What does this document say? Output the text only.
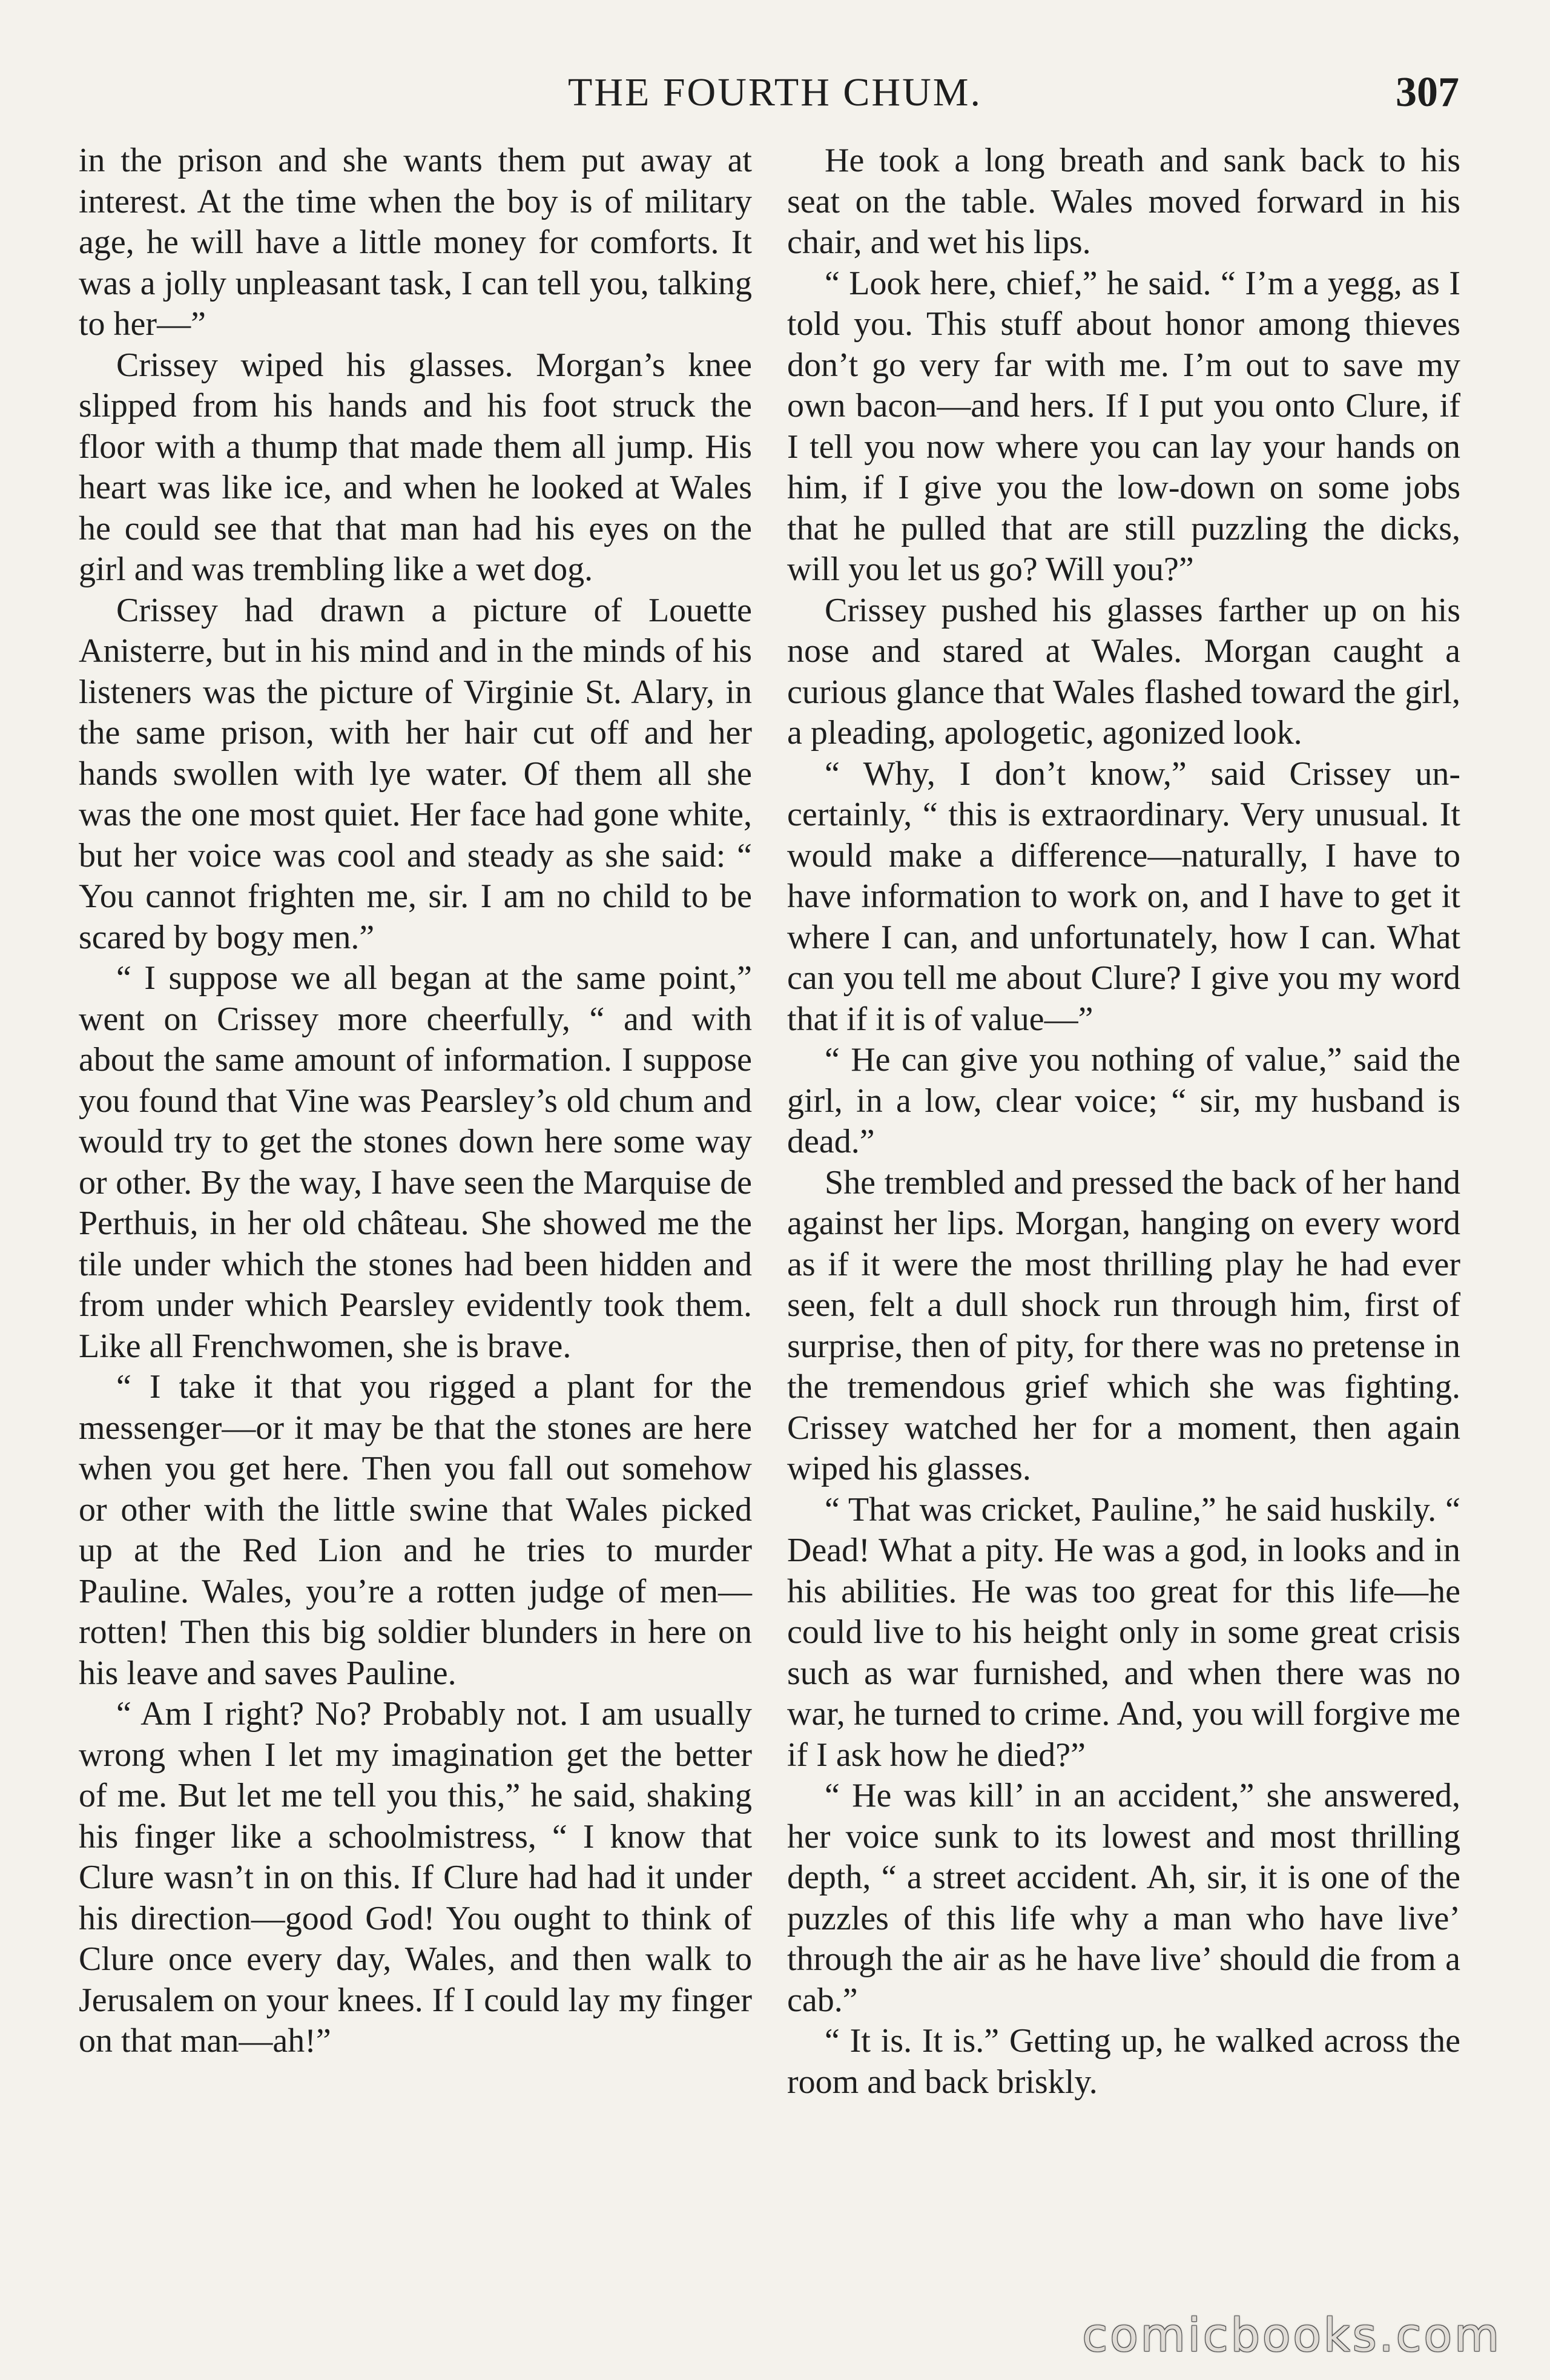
THE FOURTH CHUM.	307

in the prison and she wants them put away at interest. At the time when the boy is of military age, he will have a little money for comforts. It was a jolly unpleasant task, I can tell you, talking to her—”

Crissey wiped his glasses. Morgan’s knee slipped from his hands and his foot struck the floor with a thump that made them all jump. His heart was like ice, and when he looked at Wales he could see that that man had his eyes on the girl and was trembling like a wet dog.

Crissey had drawn a picture of Louette Anisterre, but in his mind and in the minds of his listeners was the picture of Virginie St. Alary, in the same prison, with her hair cut off and her hands swollen with lye water. Of them all she was the one most quiet. Her face had gone white, but her voice was cool and steady as she said: “ You cannot frighten me, sir. I am no child to be scared by bogy men.”

“ I suppose we all began at the same point,” went on Crissey more cheerfully, “ and with about the same amount of information. I suppose you found that Vine was Pearsley’s old chum and would try to get the stones down here some way or other. By the way, I have seen the Marquise de Perthuis, in her old château. She showed me the tile under which the stones had been hidden and from under which Pearsley evidently took them. Like all Frenchwomen, she is brave.

“ I take it that you rigged a plant for the messenger—or it may be that the stones are here when you get here. Then you fall out somehow or other with the little swine that Wales picked up at the Red Lion and he tries to murder Pauline. Wales, you’re a rotten judge of men—rotten! Then this big soldier blunders in here on his leave and saves Pauline.

“ Am I right? No? Probably not. I am usually wrong when I let my imagination get the better of me. But let me tell you this,” he said, shaking his finger like a schoolmistress, “ I know that Clure wasn’t in on this. If Clure had had it under his direction—good God! You ought to think of Clure once every day, Wales, and then walk to Jerusalem on your knees. If I could lay my finger on that man—ah!”

He took a long breath and sank back to his seat on the table. Wales moved forward in his chair, and wet his lips.

“ Look here, chief,” he said. “ I’m a yegg, as I told you. This stuff about honor among thieves don’t go very far with me. I’m out to save my own bacon—and hers. If I put you onto Clure, if I tell you now where you can lay your hands on him, if I give you the low-down on some jobs that he pulled that are still puzzling the dicks, will you let us go? Will you?”

Crissey pushed his glasses farther up on his nose and stared at Wales. Morgan caught a curious glance that Wales flashed toward the girl, a pleading, apologetic, agonized look.

“ Why, I don’t know,” said Crissey uncertainly, “ this is extraordinary. Very unusual. It would make a difference—naturally, I have to have information to work on, and I have to get it where I can, and unfortunately, how I can. What can you tell me about Clure? I give you my word that if it is of value—”

“ He can give you nothing of value,” said the girl, in a low, clear voice; “ sir, my husband is dead.”

She trembled and pressed the back of her hand against her lips. Morgan, hanging on every word as if it were the most thrilling play he had ever seen, felt a dull shock run through him, first of surprise, then of pity, for there was no pretense in the tremendous grief which she was fighting. Crissey watched her for a moment, then again wiped his glasses.

“ That was cricket, Pauline,” he said huskily. “ Dead! What a pity. He was a god, in looks and in his abilities. He was too great for this life—he could live to his height only in some great crisis such as war furnished, and when there was no war, he turned to crime. And, you will forgive me if I ask how he died?”

“ He was kill’ in an accident,” she answered, her voice sunk to its lowest and most thrilling depth, “ a street accident. Ah, sir, it is one of the puzzles of this life why a man who have live’ through the air as he have live’ should die from a cab.”

“ It is. It is.” Getting up, he walked across the room and back briskly.

comicbooks.com
